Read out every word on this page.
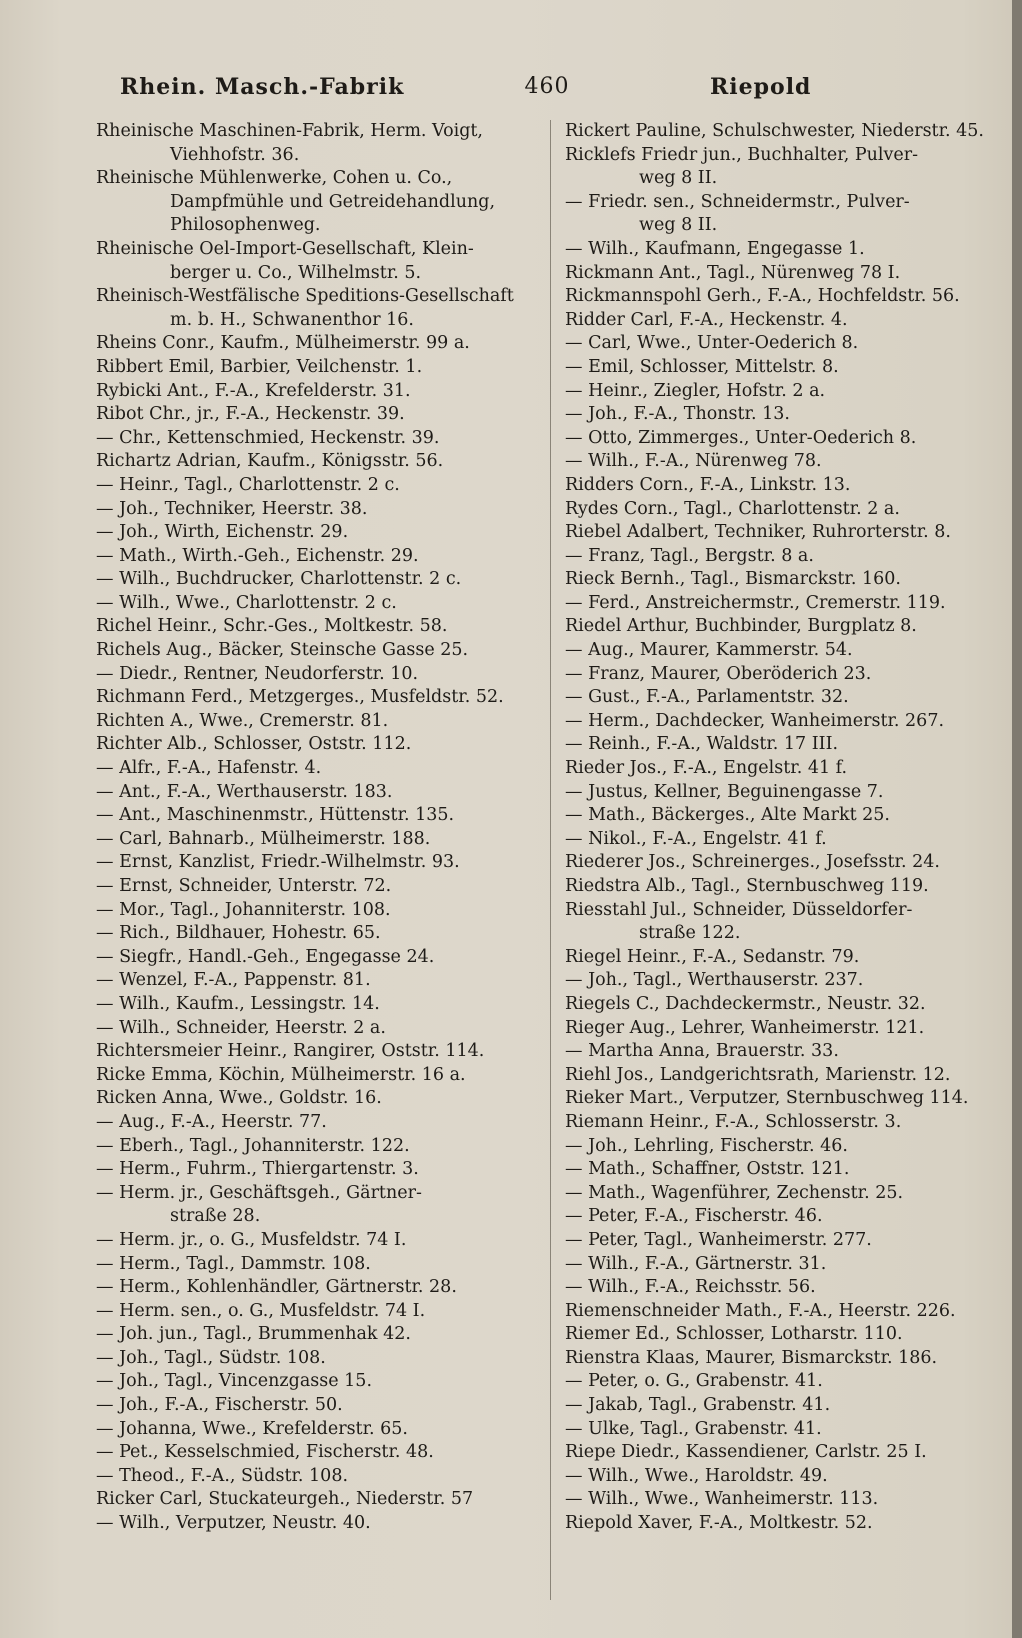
Rhein. Masch.-Fabrik	460	Riepold
Rheinische Maschinen-Fabrik, Herm. Voigt,
Viehhofstr. 36.
Rheinische Mühlenwerke, Cohen u. Co.,
Dampfmühle und Getreidehandlung,
Philosophenweg.
Rheinische Oel-Import-Gesellschaft, Klein-
berger u. Co., Wilhelmstr. 5.
Rheinisch-Westfälische Speditions-Gesellschaft
m. b. H., Schwanenthor 16.
Rheins Conr., Kaufm., Mülheimerstr. 99 a.
Ribbert Emil, Barbier, Veilchenstr. 1.
Rybicki Ant., F.-A., Krefelderstr. 31.
Ribot Chr., jr., F.-A., Heckenstr. 39.
— Chr., Kettenschmied, Heckenstr. 39.
Richartz Adrian, Kaufm., Königsstr. 56.
— Heinr., Tagl., Charlottenstr. 2 c.
— Joh., Techniker, Heerstr. 38.
— Joh., Wirth, Eichenstr. 29.
— Math., Wirth.-Geh., Eichenstr. 29.
— Wilh., Buchdrucker, Charlottenstr. 2 c.
— Wilh., Wwe., Charlottenstr. 2 c.
Richel Heinr., Schr.-Ges., Moltkestr. 58.
Richels Aug., Bäcker, Steinsche Gasse 25.
— Diedr., Rentner, Neudorferstr. 10.
Richmann Ferd., Metzgerges., Musfeldstr. 52.
Richten A., Wwe., Cremerstr. 81.
Richter Alb., Schlosser, Oststr. 112.
— Alfr., F.-A., Hafenstr. 4.
— Ant., F.-A., Werthauserstr. 183.
— Ant., Maschinenmstr., Hüttenstr. 135.
— Carl, Bahnarb., Mülheimerstr. 188.
— Ernst, Kanzlist, Friedr.-Wilhelmstr. 93.
— Ernst, Schneider, Unterstr. 72.
— Mor., Tagl., Johanniterstr. 108.
— Rich., Bildhauer, Hohestr. 65.
— Siegfr., Handl.-Geh., Engegasse 24.
— Wenzel, F.-A., Pappenstr. 81.
— Wilh., Kaufm., Lessingstr. 14.
— Wilh., Schneider, Heerstr. 2 a.
Richtersmeier Heinr., Rangirer, Oststr. 114.
Ricke Emma, Köchin, Mülheimerstr. 16 a.
Ricken Anna, Wwe., Goldstr. 16.
— Aug., F.-A., Heerstr. 77.
— Eberh., Tagl., Johanniterstr. 122.
— Herm., Fuhrm., Thiergartenstr. 3.
— Herm. jr., Geschäftsgeh., Gärtner-
straße 28.
— Herm. jr., o. G., Musfeldstr. 74 I.
— Herm., Tagl., Dammstr. 108.
— Herm., Kohlenhändler, Gärtnerstr. 28.
— Herm. sen., o. G., Musfeldstr. 74 I.
— Joh. jun., Tagl., Brummenhak 42.
— Joh., Tagl., Südstr. 108.
— Joh., Tagl., Vincenzgasse 15.
— Joh., F.-A., Fischerstr. 50.
— Johanna, Wwe., Krefelderstr. 65.
— Pet., Kesselschmied, Fischerstr. 48.
— Theod., F.-A., Südstr. 108.
Ricker Carl, Stuckateurgeh., Niederstr. 57
— Wilh., Verputzer, Neustr. 40.
Rickert Pauline, Schulschwester, Niederstr. 45.
Ricklefs Friedr jun., Buchhalter, Pulver-
weg 8 II.
— Friedr. sen., Schneidermstr., Pulver-
weg 8 II.
— Wilh., Kaufmann, Engegasse 1.
Rickmann Ant., Tagl., Nürenweg 78 I.
Rickmannspohl Gerh., F.-A., Hochfeldstr. 56.
Ridder Carl, F.-A., Heckenstr. 4.
— Carl, Wwe., Unter-Oederich 8.
— Emil, Schlosser, Mittelstr. 8.
— Heinr., Ziegler, Hofstr. 2 a.
— Joh., F.-A., Thonstr. 13.
— Otto, Zimmerges., Unter-Oederich 8.
— Wilh., F.-A., Nürenweg 78.
Ridders Corn., F.-A., Linkstr. 13.
Rydes Corn., Tagl., Charlottenstr. 2 a.
Riebel Adalbert, Techniker, Ruhrorterstr. 8.
— Franz, Tagl., Bergstr. 8 a.
Rieck Bernh., Tagl., Bismarckstr. 160.
— Ferd., Anstreichermstr., Cremerstr. 119.
Riedel Arthur, Buchbinder, Burgplatz 8.
— Aug., Maurer, Kammerstr. 54.
— Franz, Maurer, Oberöderich 23.
— Gust., F.-A., Parlamentstr. 32.
— Herm., Dachdecker, Wanheimerstr. 267.
— Reinh., F.-A., Waldstr. 17 III.
Rieder Jos., F.-A., Engelstr. 41 f.
— Justus, Kellner, Beguinengasse 7.
— Math., Bäckerges., Alte Markt 25.
— Nikol., F.-A., Engelstr. 41 f.
Riederer Jos., Schreinerges., Josefsstr. 24.
Riedstra Alb., Tagl., Sternbuschweg 119.
Riesstahl Jul., Schneider, Düsseldorfer-
straße 122.
Riegel Heinr., F.-A., Sedanstr. 79.
— Joh., Tagl., Werthauserstr. 237.
Riegels C., Dachdeckermstr., Neustr. 32.
Rieger Aug., Lehrer, Wanheimerstr. 121.
— Martha Anna, Brauerstr. 33.
Riehl Jos., Landgerichtsrath, Marienstr. 12.
Rieker Mart., Verputzer, Sternbuschweg 114.
Riemann Heinr., F.-A., Schlosserstr. 3.
— Joh., Lehrling, Fischerstr. 46.
— Math., Schaffner, Oststr. 121.
— Math., Wagenführer, Zechenstr. 25.
— Peter, F.-A., Fischerstr. 46.
— Peter, Tagl., Wanheimerstr. 277.
— Wilh., F.-A., Gärtnerstr. 31.
— Wilh., F.-A., Reichsstr. 56.
Riemenschneider Math., F.-A., Heerstr. 226.
Riemer Ed., Schlosser, Lotharstr. 110.
Rienstra Klaas, Maurer, Bismarckstr. 186.
— Peter, o. G., Grabenstr. 41.
— Jakab, Tagl., Grabenstr. 41.
— Ulke, Tagl., Grabenstr. 41.
Riepe Diedr., Kassendiener, Carlstr. 25 I.
— Wilh., Wwe., Haroldstr. 49.
— Wilh., Wwe., Wanheimerstr. 113.
Riepold Xaver, F.-A., Moltkestr. 52.
